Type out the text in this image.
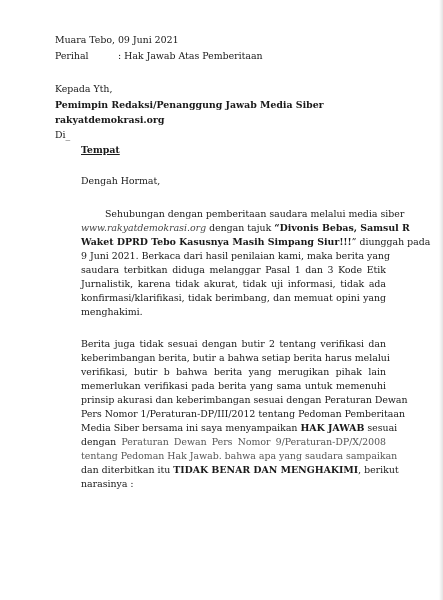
Muara Tebo, 09 Juni 2021
Perihal	: Hak Jawab Atas Pemberitaan
Kepada Yth,
Pemimpin Redaksi/Penanggung Jawab Media Siber
rakyatdemokrasi.org
Di_
Tempat
Dengah Hormat,
Sehubungan dengan pemberitaan saudara melalui media siber
www.rakyatdemokrasi.org dengan tajuk “Divonis Bebas, Samsul R
Waket DPRD Tebo Kasusnya Masih Simpang Siur!!!” diunggah pada
9 Juni 2021. Berkaca dari hasil penilaian kami, maka berita yang
saudara terbitkan diduga melanggar Pasal 1 dan 3 Kode Etik
Jurnalistik, karena tidak akurat, tidak uji informasi, tidak ada
konfirmasi/klarifikasi, tidak berimbang, dan memuat opini yang
menghakimi.
Berita juga tidak sesuai dengan butir 2 tentang verifikasi dan
keberimbangan berita, butir a bahwa setiap berita harus melalui
verifikasi, butir b bahwa berita yang merugikan pihak lain
memerlukan verifikasi pada berita yang sama untuk memenuhi
prinsip akurasi dan keberimbangan sesuai dengan Peraturan Dewan
Pers Nomor 1/Peraturan-DP/III/2012 tentang Pedoman Pemberitaan
Media Siber bersama ini saya menyampaikan HAK JAWAB sesuai
dengan Peraturan Dewan Pers Nomor 9/Peraturan-DP/X/2008
tentang Pedoman Hak Jawab. bahwa apa yang saudara sampaikan
dan diterbitkan itu TIDAK BENAR DAN MENGHAKIMI, berikut
narasinya :
